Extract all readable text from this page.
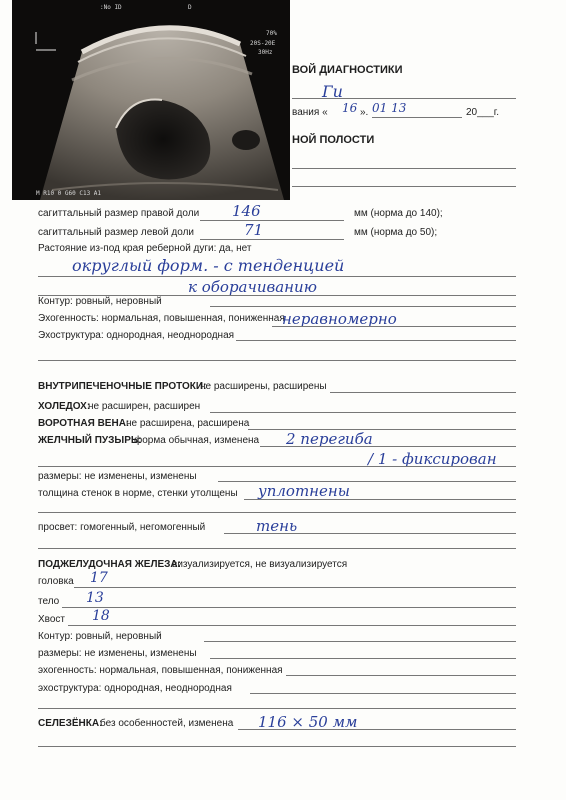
:No ID	D
70%
20S-20E
30Hz
M R10 0 G60 C13 A1
ВОЙ ДИАГНОСТИКИ
Ги
вания « 16 ». 01 13	20___г.
НОЙ ПОЛОСТИ
сагиттальный размер правой доли 146	мм (норма до 140);
сагиттальный размер левой доли	71	мм (норма до 50);
Растояние из-под края реберной дуги: да, нет
округлый форм. - с тенденцией
к оборачиванию
Контур: ровный, неровный
Эхогенность: нормальная, повышенная, пониженная
неравномерно
Эхоструктура: однородная, неоднородная
ВНУТРИПЕЧЕНОЧНЫЕ ПРОТОКИ:
не расширены, расширены
ХОЛЕДОХ:
не расширен, расширен
ВОРОТНАЯ ВЕНА:
не расширена, расширена
ЖЕЛЧНЫЙ ПУЗЫРЬ:
форма обычная, изменена 2 перегиба
/ 1 - фиксирован
размеры: не изменены, изменены
толщина стенок в норме, стенки утолщены уплотнены
просвет: гомогенный, негомогенный	тень
ПОДЖЕЛУДОЧНАЯ ЖЕЛЕЗА:
визуализируется, не визуализируется
головка 17
тело 13
Хвост 18
Контур: ровный, неровный
размеры: не изменены, изменены
эхогенность: нормальная, повышенная, пониженная
эхоструктура: однородная, неоднородная
СЕЛЕЗЁНКА:
без особенностей, изменена 116 × 50 мм
